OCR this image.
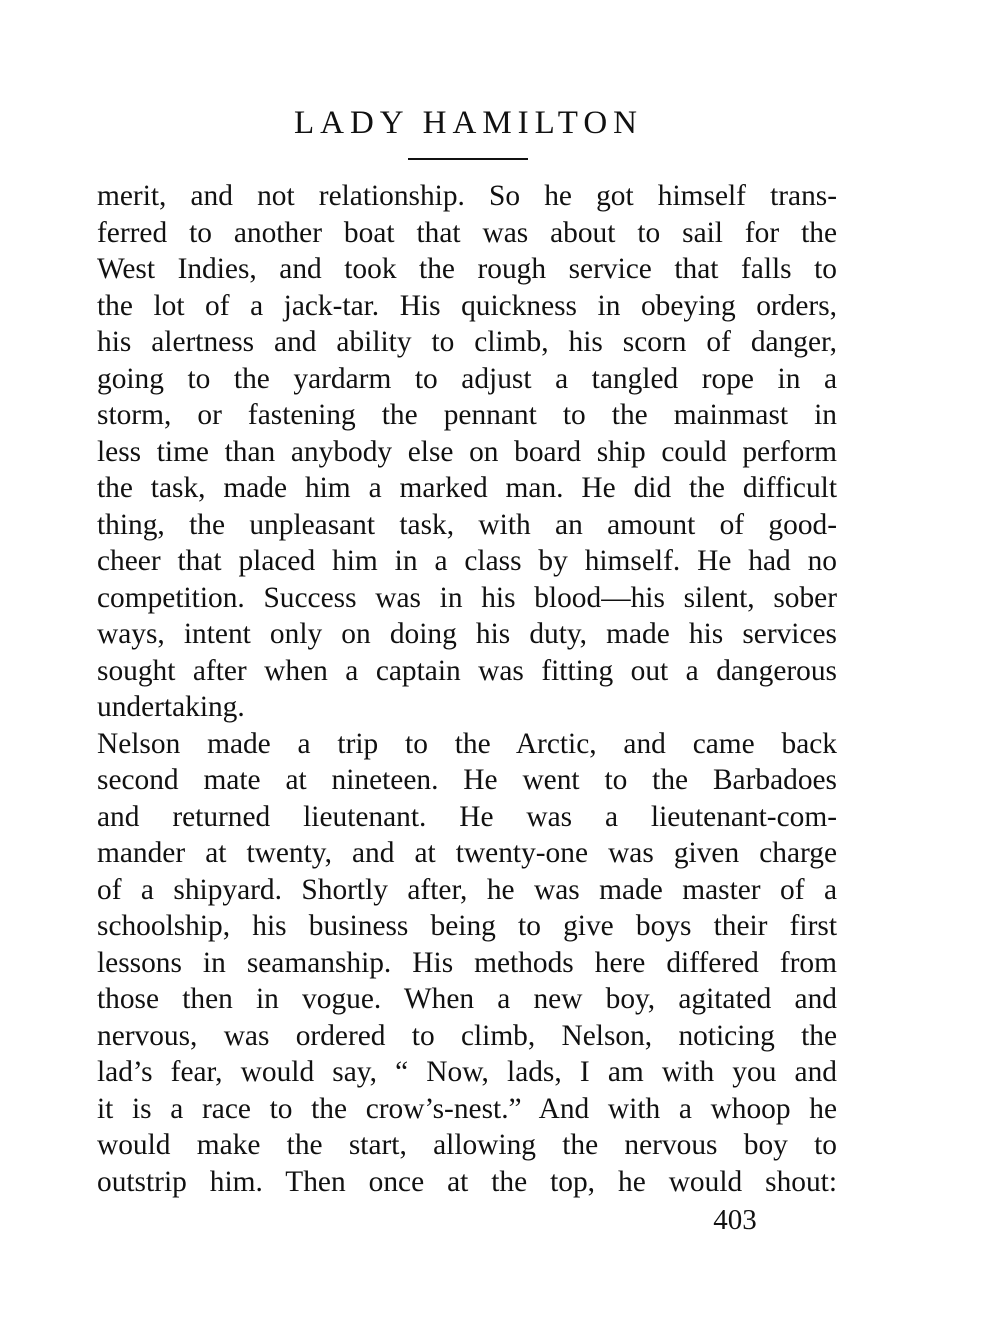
LADY HAMILTON
merit, and not relationship. So he got himself trans-
ferred to another boat that was about to sail for the
West Indies, and took the rough service that falls to
the lot of a jack-tar. His quickness in obeying orders,
his alertness and ability to climb, his scorn of danger,
going to the yardarm to adjust a tangled rope in a
storm, or fastening the pennant to the mainmast in
less time than anybody else on board ship could perform
the task, made him a marked man. He did the difficult
thing, the unpleasant task, with an amount of good-
cheer that placed him in a class by himself. He had no
competition. Success was in his blood—his silent, sober
ways, intent only on doing his duty, made his services
sought after when a captain was fitting out a dangerous
undertaking.
Nelson made a trip to the Arctic, and came back
second mate at nineteen. He went to the Barbadoes
and returned lieutenant. He was a lieutenant-com-
mander at twenty, and at twenty-one was given charge
of a shipyard. Shortly after, he was made master of a
schoolship, his business being to give boys their first
lessons in seamanship. His methods here differed from
those then in vogue. When a new boy, agitated and
nervous, was ordered to climb, Nelson, noticing the
lad’s fear, would say, “ Now, lads, I am with you and
it is a race to the crow’s-nest.” And with a whoop he
would make the start, allowing the nervous boy to
outstrip him. Then once at the top, he would shout:
403
